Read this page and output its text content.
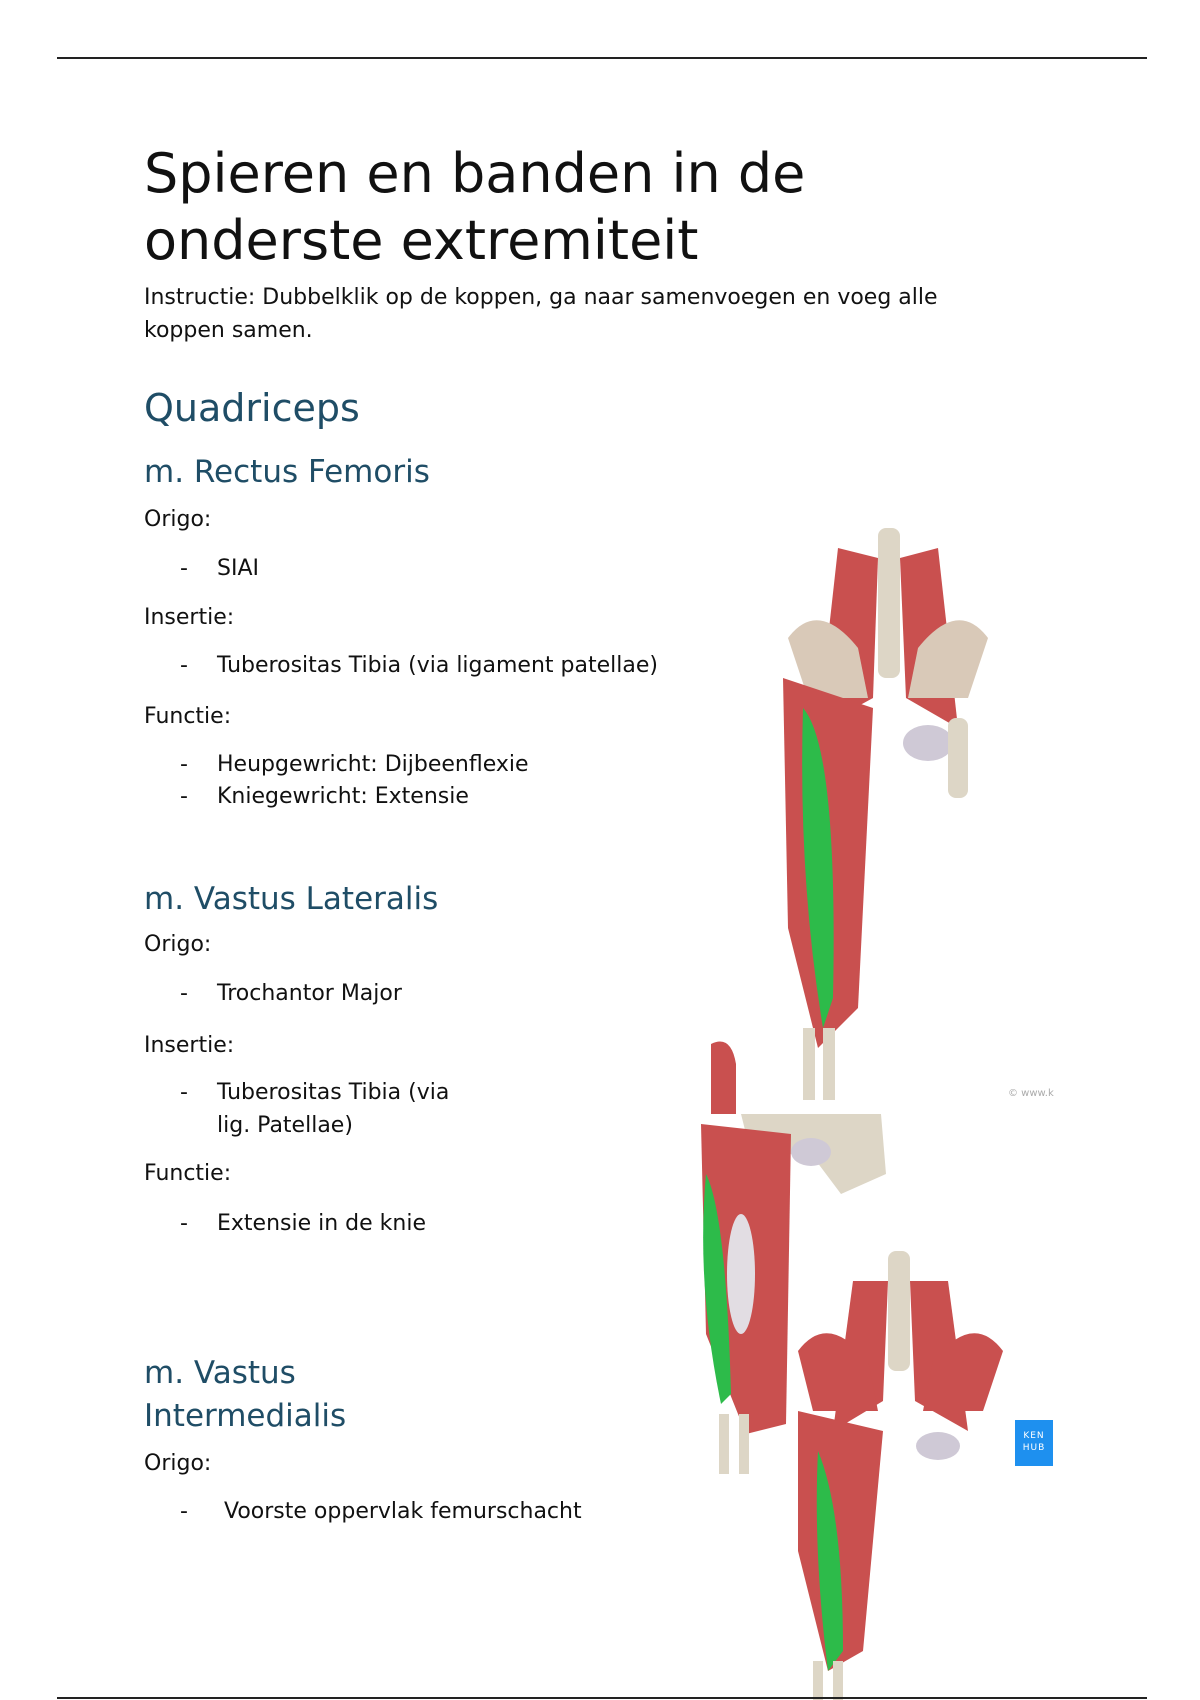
Spieren en banden in de
onderste extremiteit
Instructie: Dubbelklik op de koppen, ga naar samenvoegen en voeg alle
koppen samen.
Quadriceps
m. Rectus Femoris
Origo:
- SIAI
Insertie:
- Tuberositas Tibia (via ligament patellae)
Functie:
- Heupgewricht: Dijbeenflexie
- Kniegewricht: Extensie
m. Vastus Lateralis
Origo:
- Trochantor Major
Insertie:
- Tuberositas Tibia (via
lig. Patellae)
Functie:
- Extensie in de knie
m. Vastus
Intermedialis
Origo:
- Voorste oppervlak femurschacht
© www.k
KEN
HUB
